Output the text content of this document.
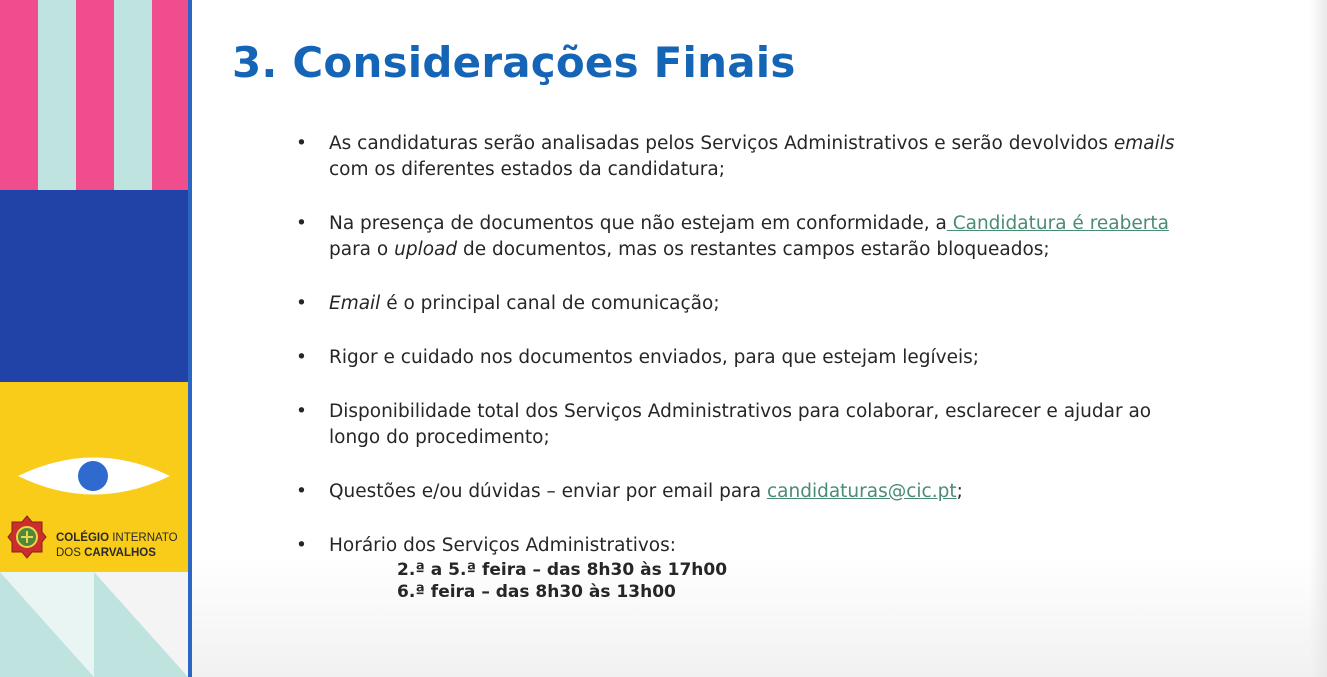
COLÉGIO INTERNATO
DOS CARVALHOS
3. Considerações Finais
• As candidaturas serão analisadas pelos Serviços Administrativos e serão devolvidos emails
com os diferentes estados da candidatura;
• Na presença de documentos que não estejam em conformidade, a Candidatura é reaberta
para o upload de documentos, mas os restantes campos estarão bloqueados;
• Email é o principal canal de comunicação;
• Rigor e cuidado nos documentos enviados, para que estejam legíveis;
• Disponibilidade total dos Serviços Administrativos para colaborar, esclarecer e ajudar ao
longo do procedimento;
• Questões e/ou dúvidas – enviar por email para candidaturas@cic.pt;
• Horário dos Serviços Administrativos:
2.ª a 5.ª feira – das 8h30 às 17h00
6.ª feira – das 8h30 às 13h00
